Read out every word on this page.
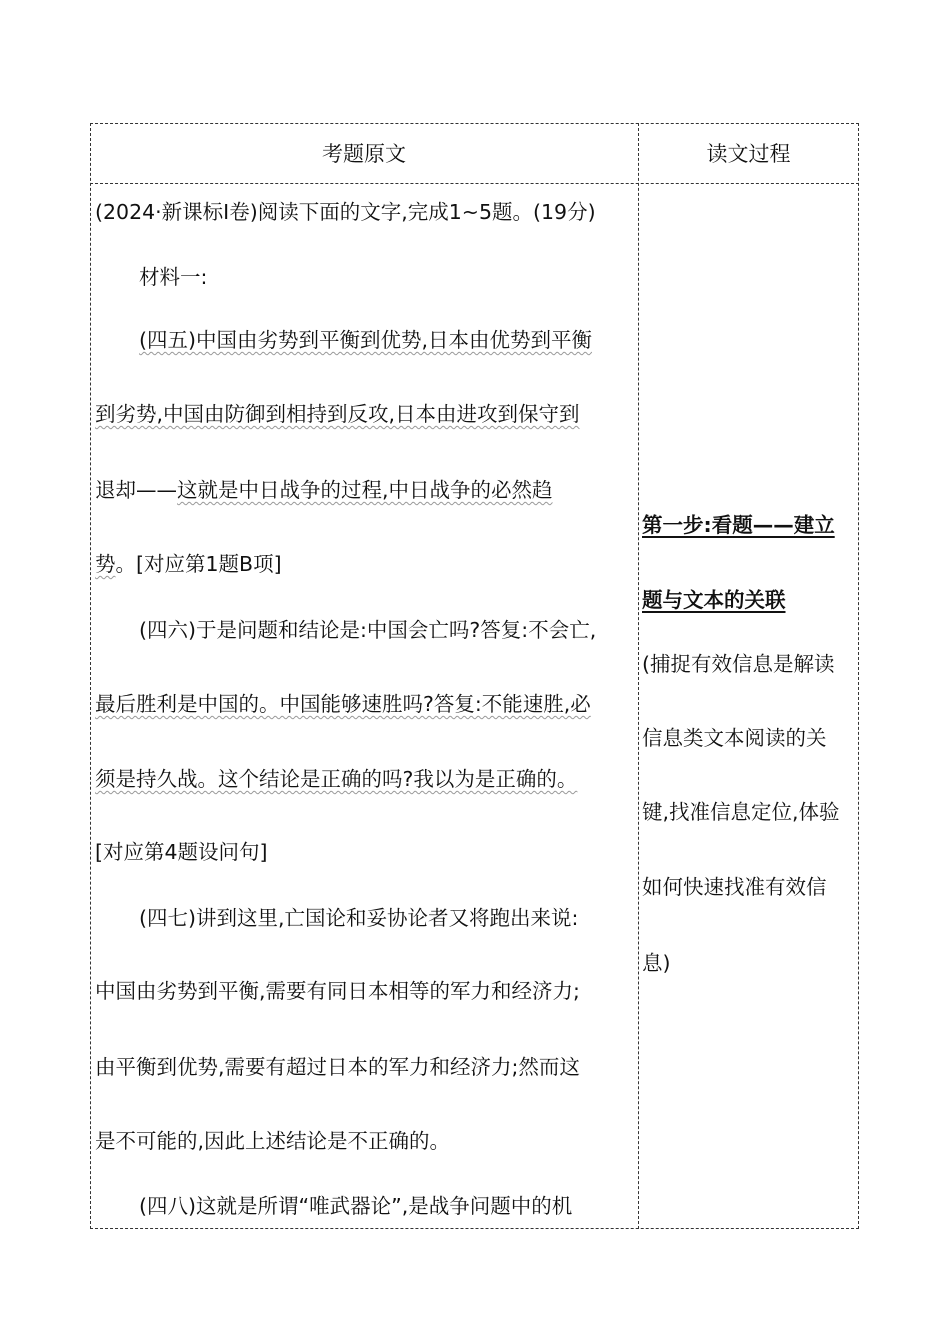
考题原文	读文过程
(2024·新课标Ⅰ卷)阅读下面的文字,完成1~5题。(19分)
材料一:
(四五)中国由劣势到平衡到优势,日本由优势到平衡
到劣势,中国由防御到相持到反攻,日本由进攻到保守到
退却——这就是中日战争的过程,中日战争的必然趋
势。[对应第1题B项]
(四六)于是问题和结论是:中国会亡吗?答复:不会亡,
最后胜利是中国的。中国能够速胜吗?答复:不能速胜,必
须是持久战。这个结论是正确的吗?我以为是正确的。
[对应第4题设问句]
(四七)讲到这里,亡国论和妥协论者又将跑出来说:
中国由劣势到平衡,需要有同日本相等的军力和经济力;
由平衡到优势,需要有超过日本的军力和经济力;然而这
是不可能的,因此上述结论是不正确的。
(四八)这就是所谓“唯武器论”,是战争问题中的机
第一步:看题——建立
题与文本的关联
(捕捉有效信息是解读
信息类文本阅读的关
键,找准信息定位,体验
如何快速找准有效信
息)
